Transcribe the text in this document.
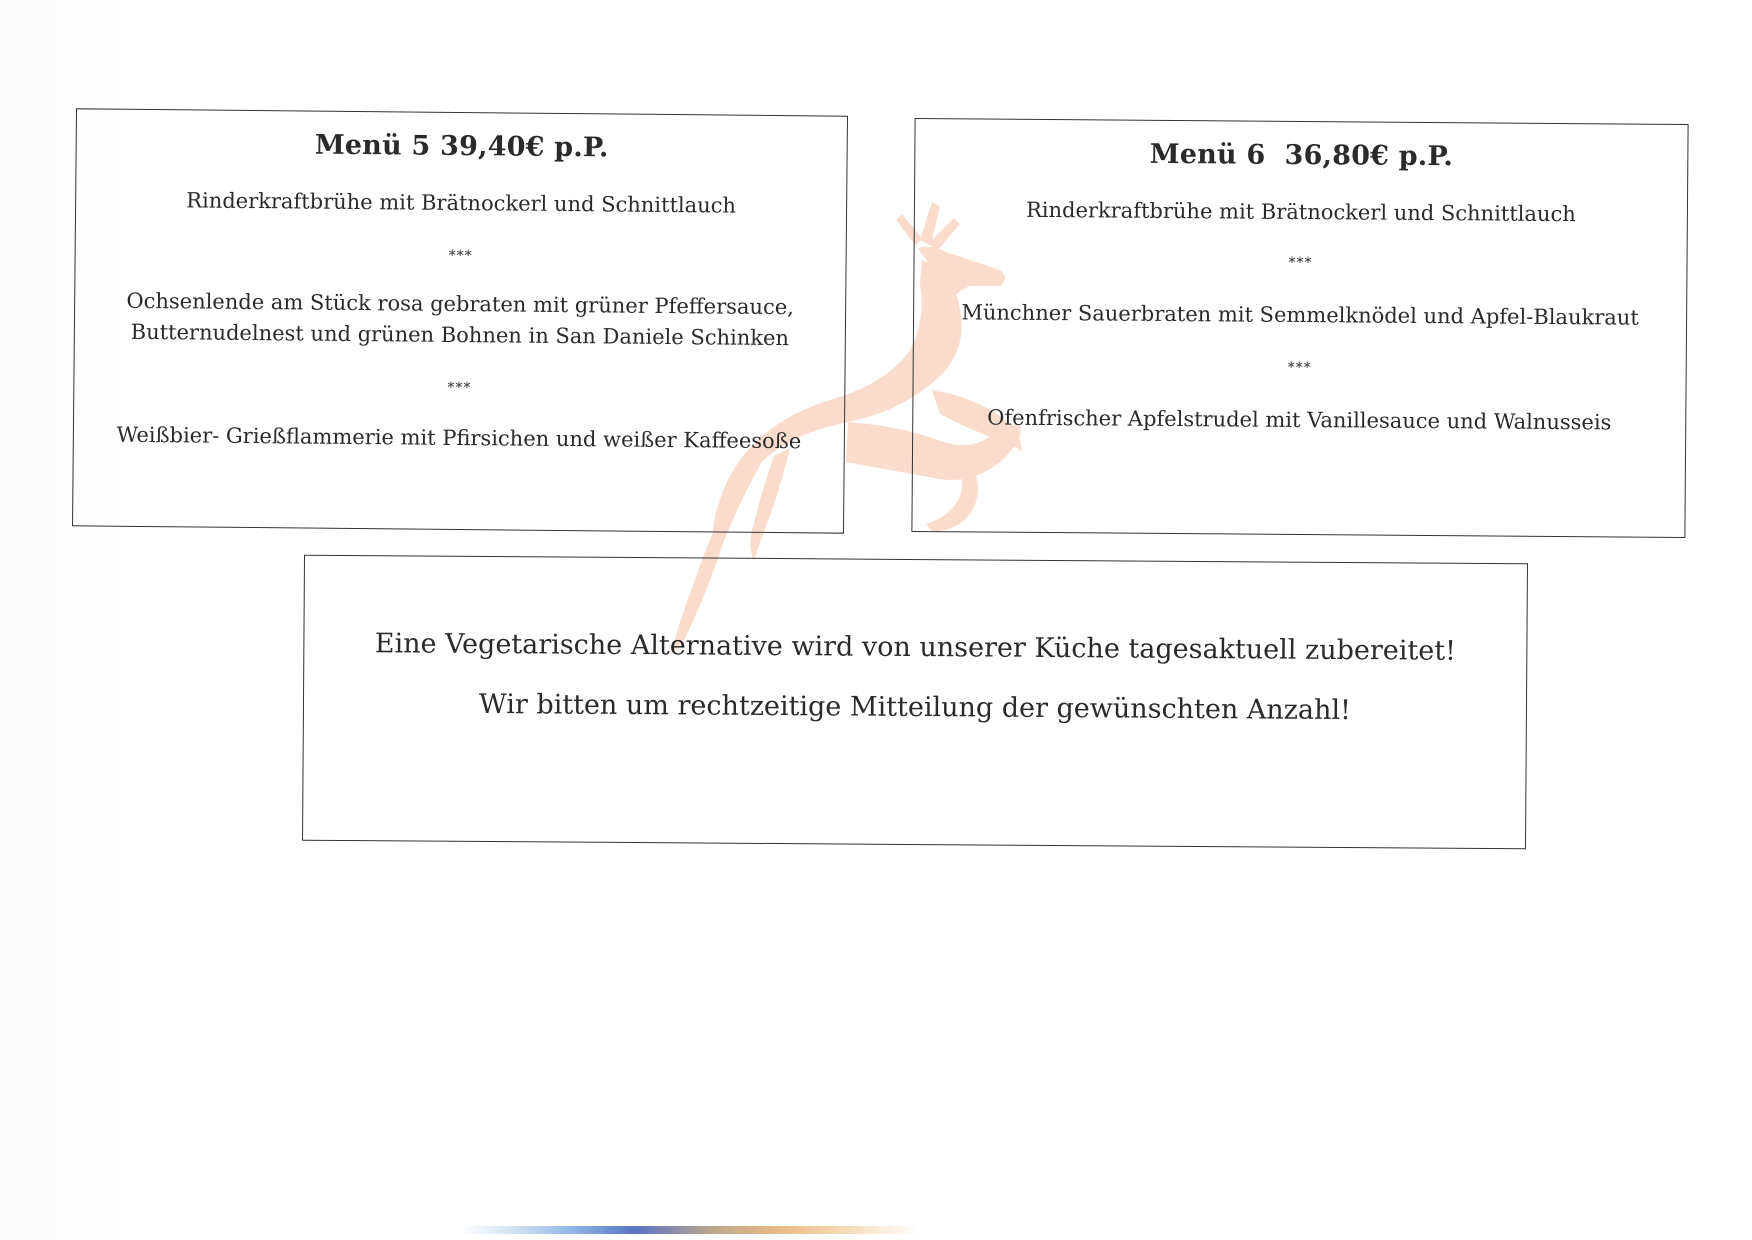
Menü 5 39,40€ p.P.
Rinderkraftbrühe mit Brätnockerl und Schnittlauch
***
Ochsenlende am Stück rosa gebraten mit grüner Pfeffersauce,
Butternudelnest und grünen Bohnen in San Daniele Schinken
***
Weißbier- Grießflammerie mit Pfirsichen und weißer Kaffeesoße
Menü 6  36,80€ p.P.
Rinderkraftbrühe mit Brätnockerl und Schnittlauch
***
Münchner Sauerbraten mit Semmelknödel und Apfel-Blaukraut
***
Ofenfrischer Apfelstrudel mit Vanillesauce und Walnusseis
Eine Vegetarische Alternative wird von unserer Küche tagesaktuell zubereitet!
Wir bitten um rechtzeitige Mitteilung der gewünschten Anzahl!
